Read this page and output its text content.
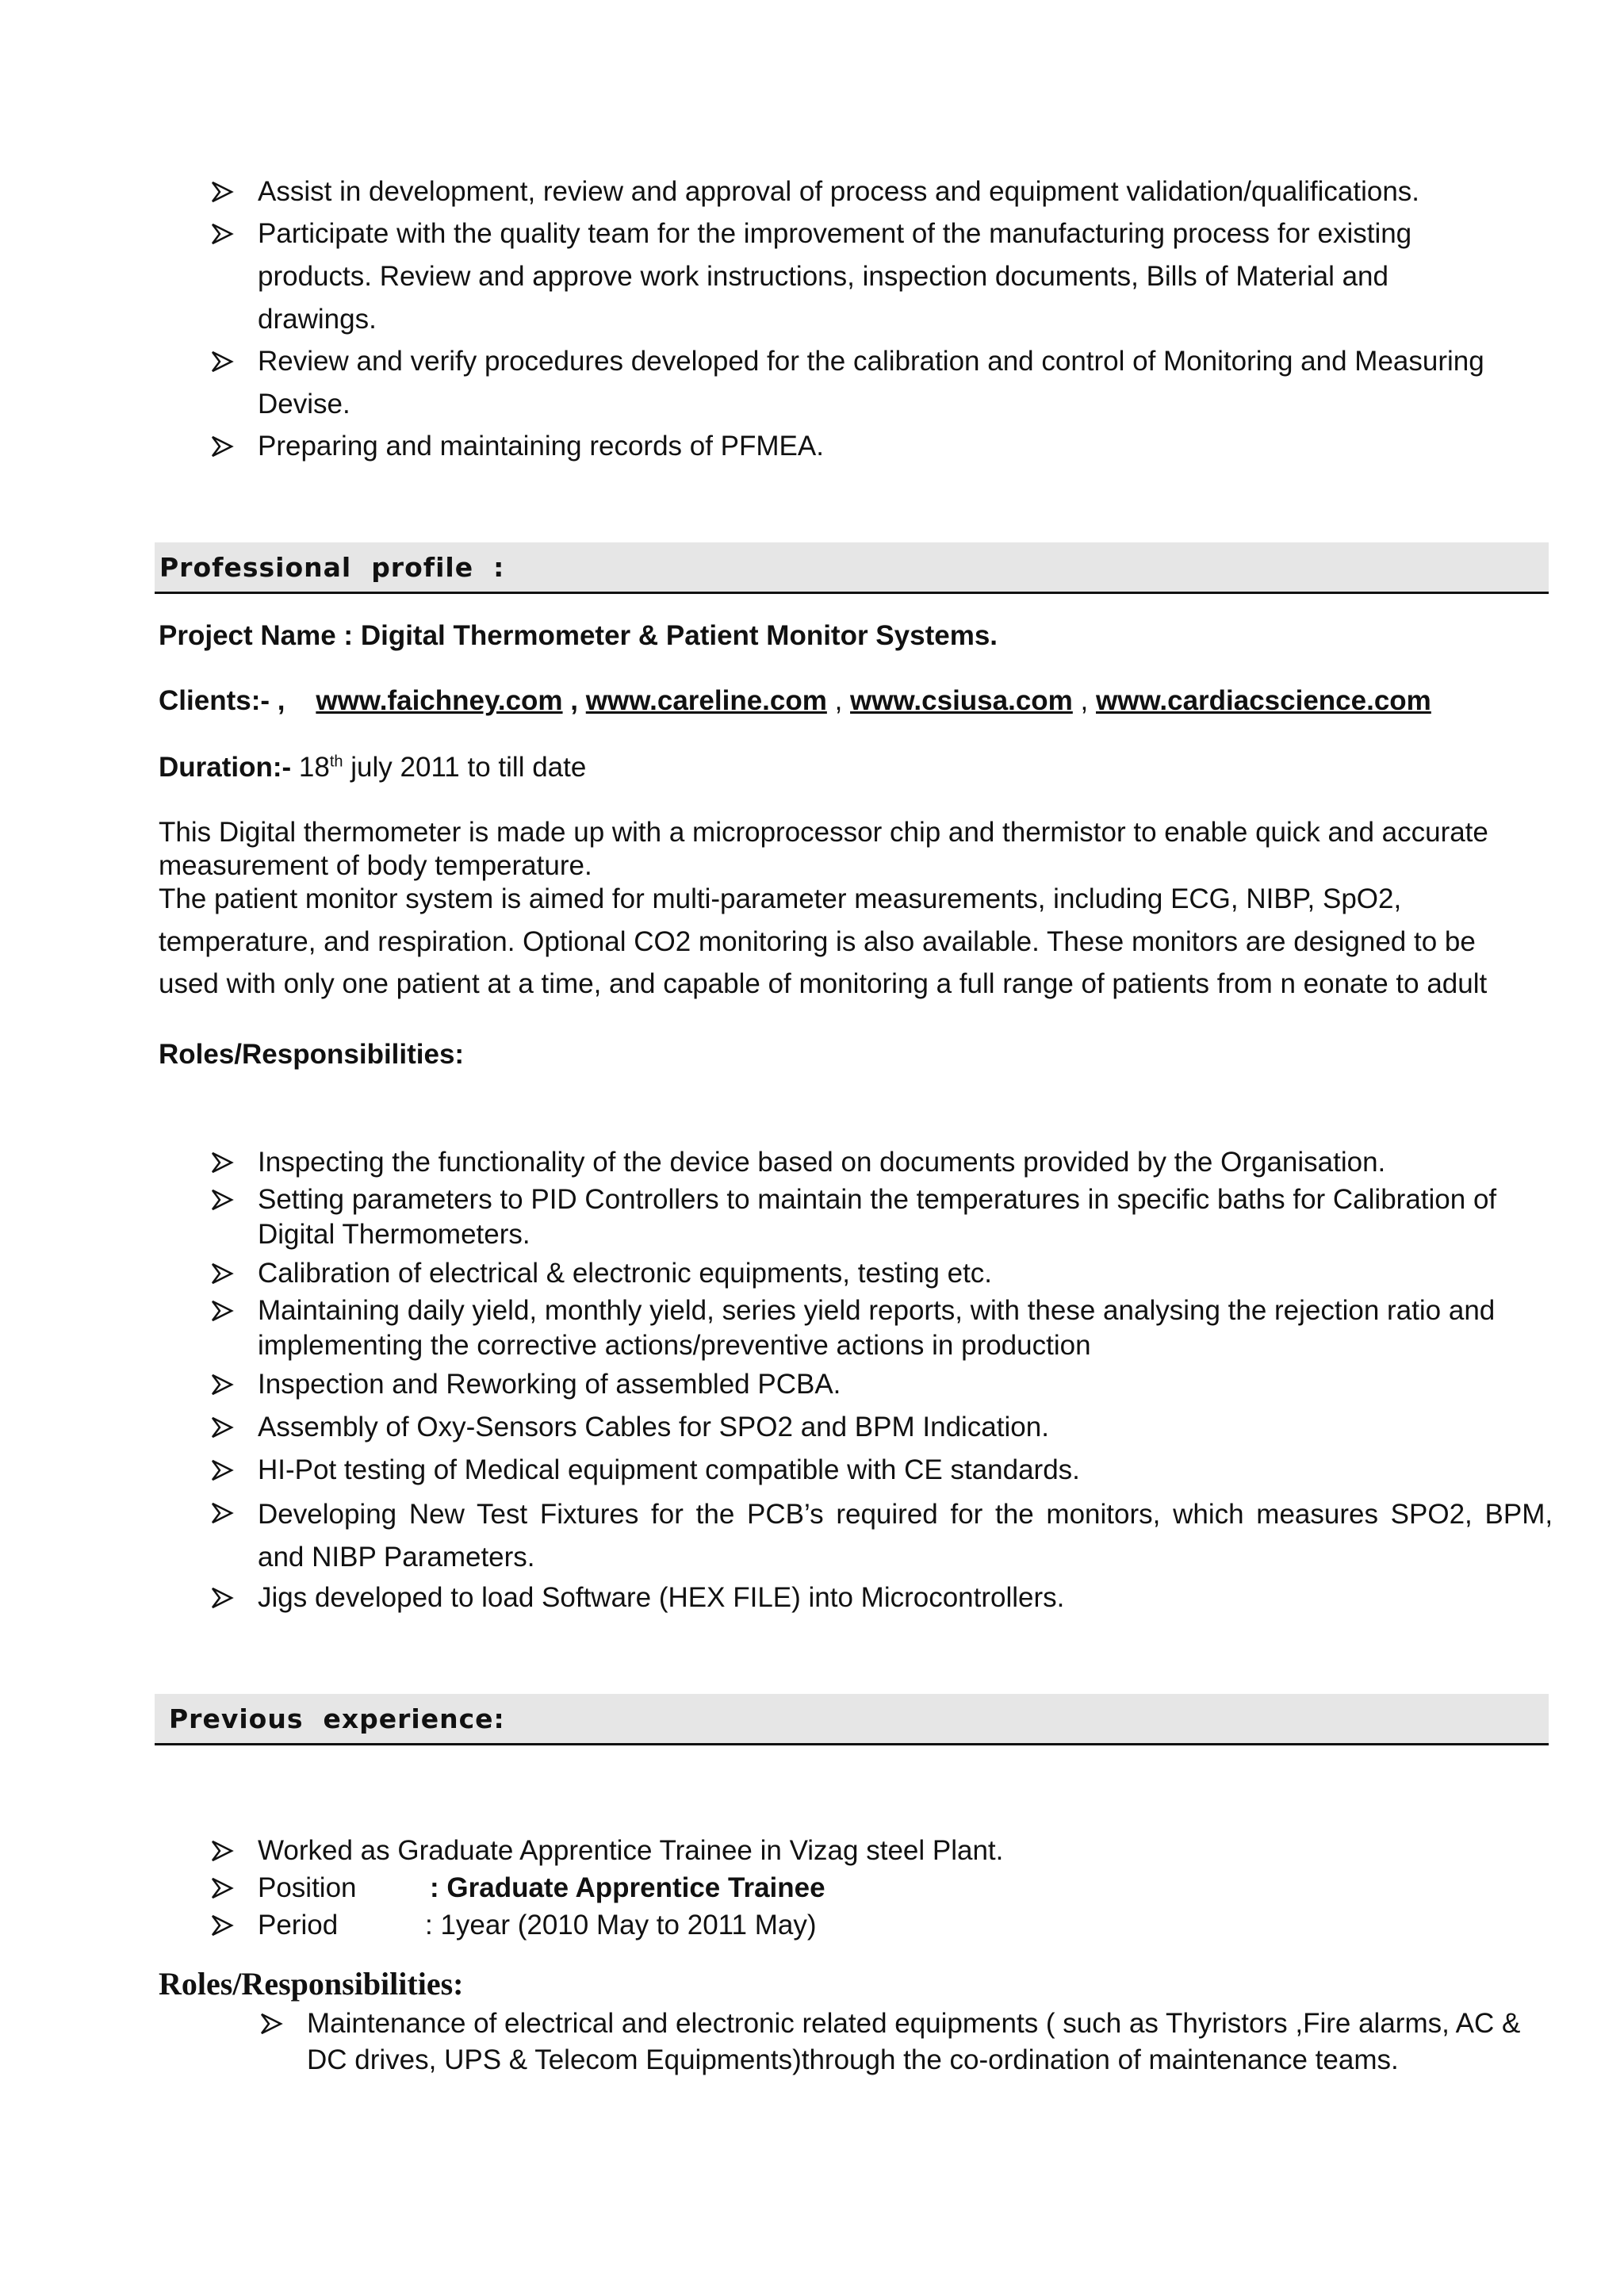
Assist in development, review and approval of process and equipment validation/qualifications.
Participate with the quality team for the improvement of the manufacturing process for existing
products. Review and approve work instructions, inspection documents, Bills of Material and
drawings.
Review and verify procedures developed for the calibration and control of Monitoring and Measuring
Devise.
Preparing and maintaining records of PFMEA.
Professional  profile  :
Project Name : Digital Thermometer & Patient Monitor Systems.
Clients:- , www.faichney.com , www.careline.com , www.csiusa.com , www.cardiacscience.com
Duration:- 18th july 2011 to till date
This Digital thermometer is made up with a microprocessor chip and thermistor to enable quick and accurate
measurement of body temperature.
The patient monitor system is aimed for multi-parameter measurements, including ECG, NIBP, SpO2,
temperature, and respiration. Optional CO2 monitoring is also available. These monitors are designed to be
used with only one patient at a time, and capable of monitoring a full range of patients from n eonate to adult
Roles/Responsibilities:
Inspecting the functionality of the device based on documents provided by the Organisation.
Setting parameters to PID Controllers to maintain the temperatures in specific baths for Calibration of
Digital Thermometers.
Calibration of electrical & electronic equipments, testing etc.
Maintaining daily yield, monthly yield, series yield reports, with these analysing the rejection ratio and
implementing the corrective actions/preventive actions in production
Inspection and Reworking of assembled PCBA.
Assembly of Oxy-Sensors Cables for SPO2 and BPM Indication.
HI-Pot testing of Medical equipment compatible with CE standards.
Developing New Test Fixtures for the PCB’s required for the monitors, which measures SPO2, BPM,
and NIBP Parameters.
Jigs developed to load Software (HEX FILE) into Microcontrollers.
Previous  experience:
Worked as Graduate Apprentice Trainee in Vizag steel Plant.
Position	: Graduate Apprentice Trainee
Period	: 1year (2010 May to 2011 May)
Roles/Responsibilities:
Maintenance of electrical and electronic related equipments ( such as Thyristors ,Fire alarms, AC &
DC drives, UPS & Telecom Equipments)through the co-ordination of maintenance teams.
